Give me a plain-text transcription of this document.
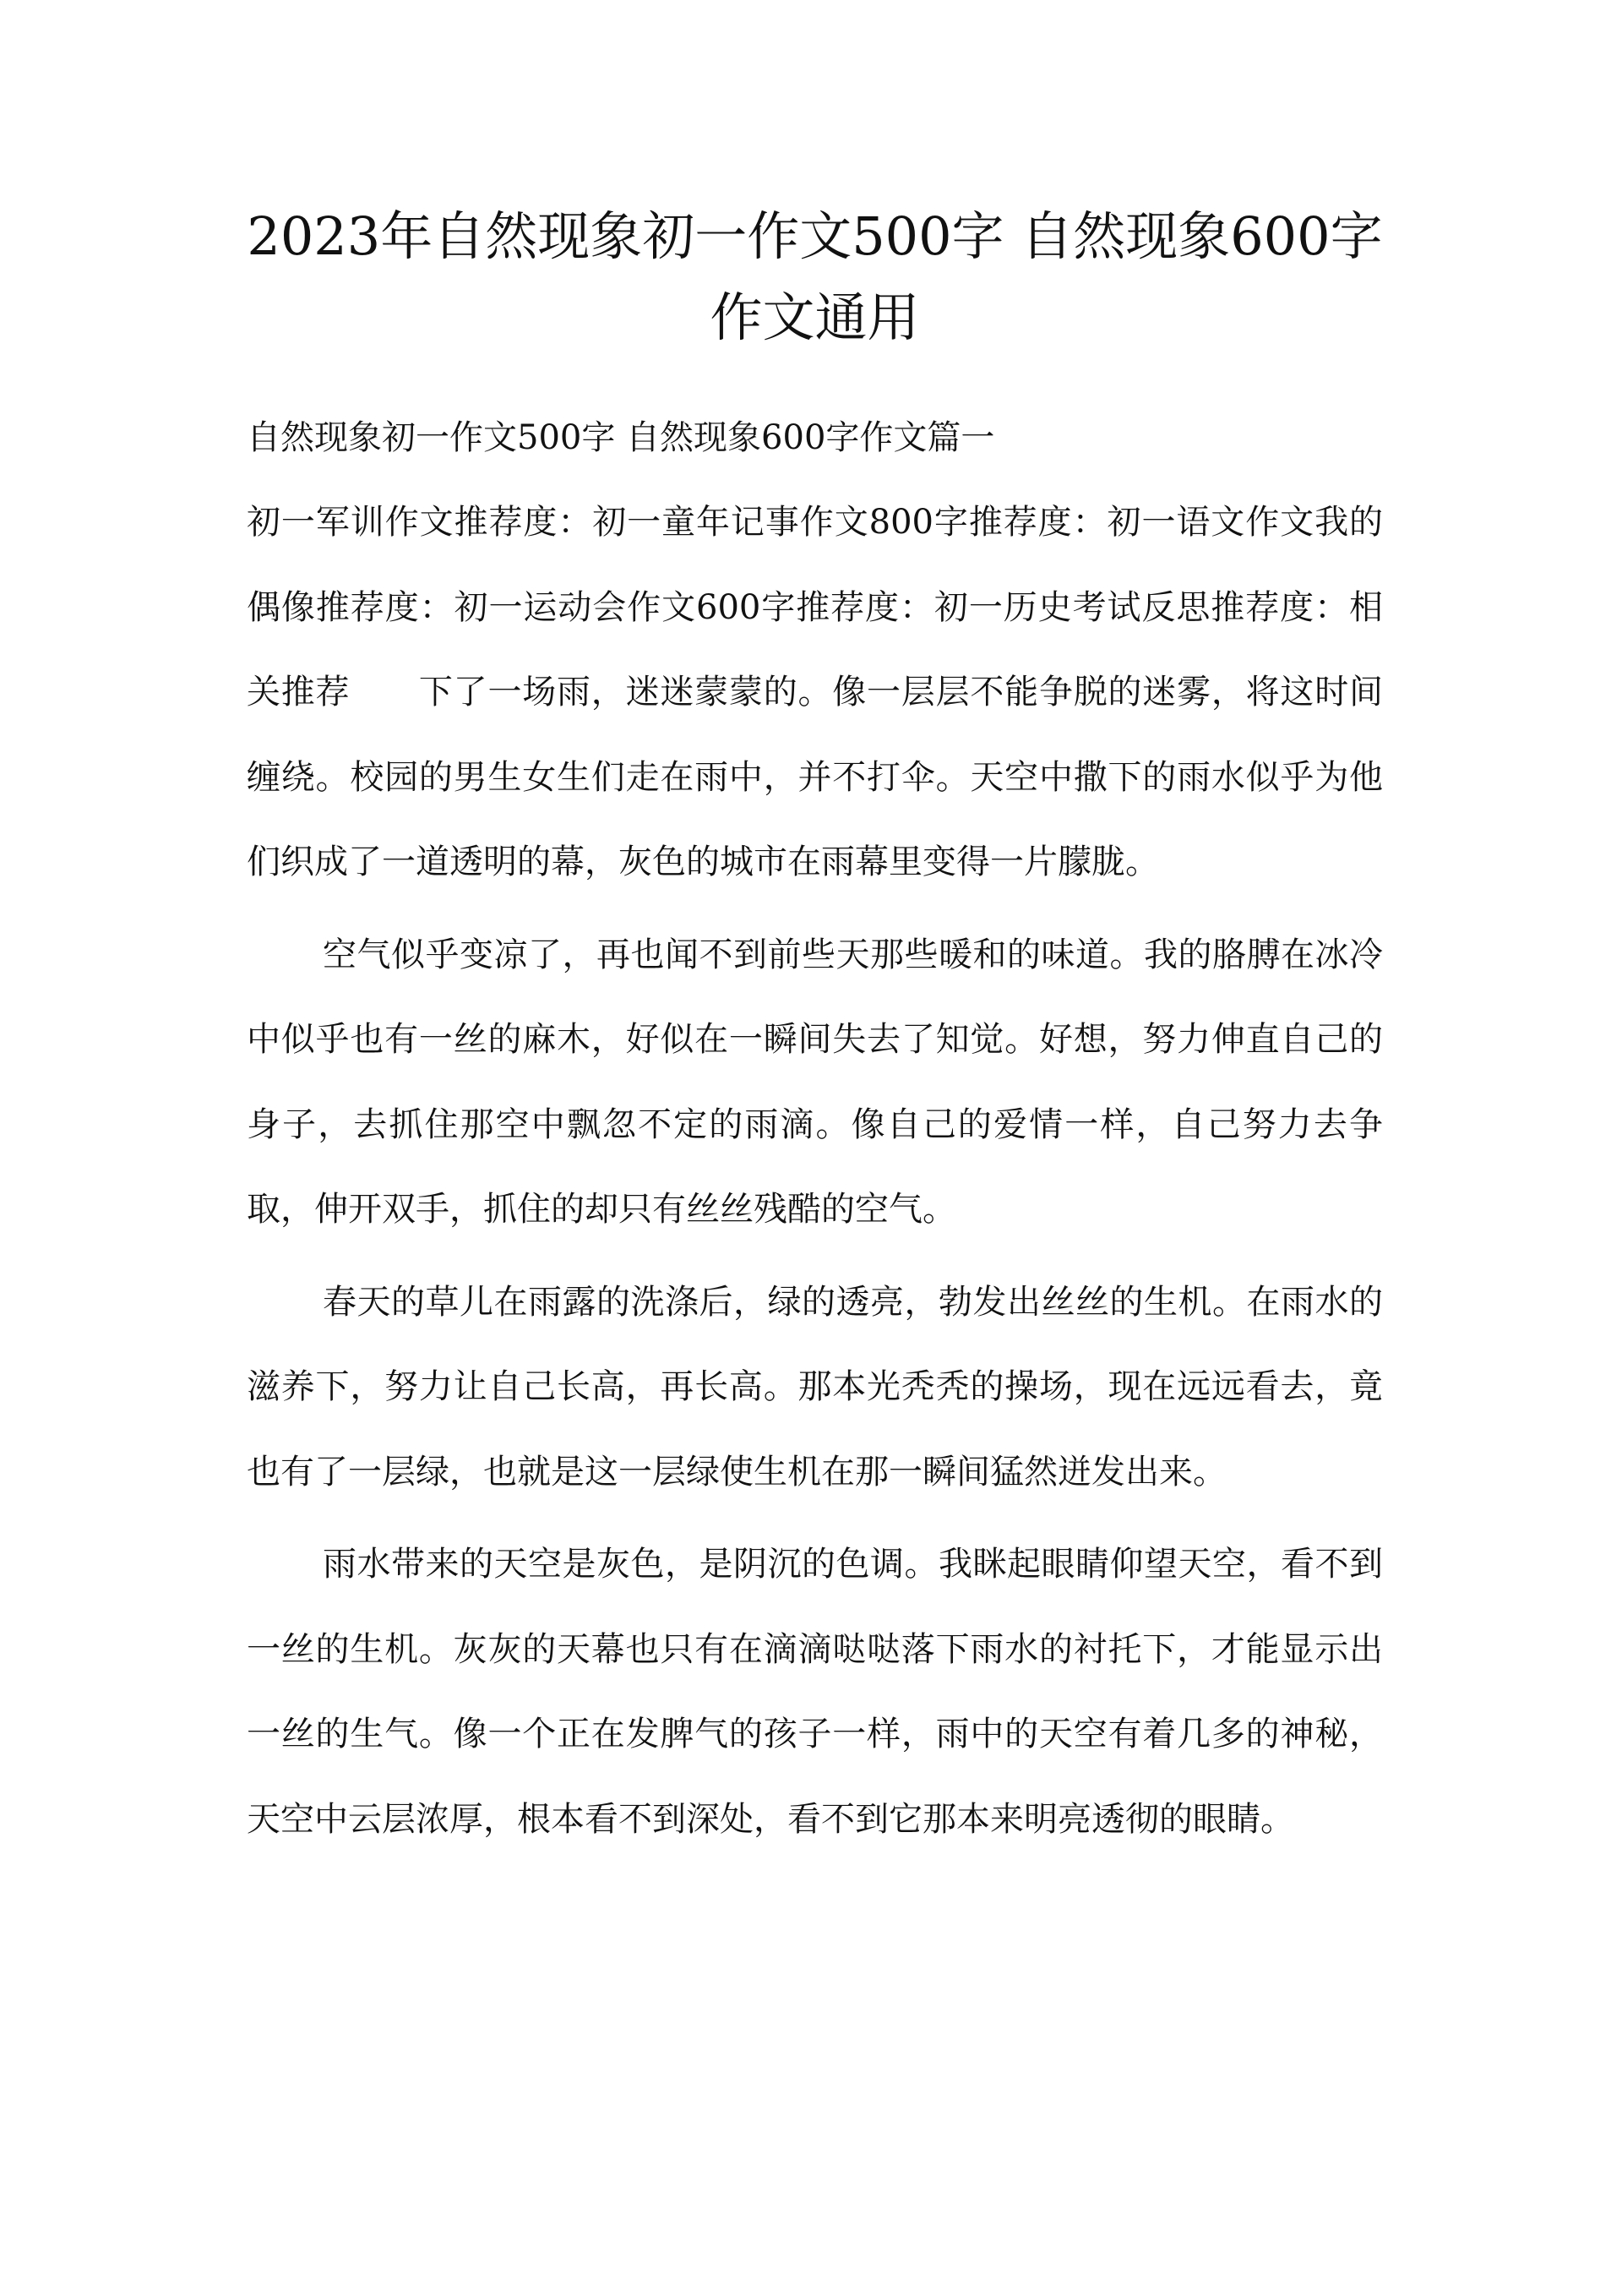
2023年自然现象初一作文500字 自然现象600字作文通用

自然现象初一作文500字 自然现象600字作文篇一

初一军训作文推荐度：初一童年记事作文800字推荐度：初一语文作文我的偶像推荐度：初一运动会作文600字推荐度：初一历史考试反思推荐度：相关推荐　　下了一场雨，迷迷蒙蒙的。像一层层不能争脱的迷雾，将这时间缠绕。校园的男生女生们走在雨中，并不打伞。天空中撒下的雨水似乎为他们织成了一道透明的幕，灰色的城市在雨幕里变得一片朦胧。

空气似乎变凉了，再也闻不到前些天那些暖和的味道。我的胳膊在冰冷中似乎也有一丝的麻木，好似在一瞬间失去了知觉。好想，努力伸直自己的身子，去抓住那空中飘忽不定的雨滴。像自己的爱情一样，自己努力去争取，伸开双手，抓住的却只有丝丝残酷的空气。

春天的草儿在雨露的洗涤后，绿的透亮，勃发出丝丝的生机。在雨水的滋养下，努力让自己长高，再长高。那本光秃秃的操场，现在远远看去，竟也有了一层绿，也就是这一层绿使生机在那一瞬间猛然迸发出来。

雨水带来的天空是灰色，是阴沉的色调。我眯起眼睛仰望天空，看不到一丝的生机。灰灰的天幕也只有在滴滴哒哒落下雨水的衬托下，才能显示出一丝的生气。像一个正在发脾气的孩子一样，雨中的天空有着几多的神秘，天空中云层浓厚，根本看不到深处，看不到它那本来明亮透彻的眼睛。
